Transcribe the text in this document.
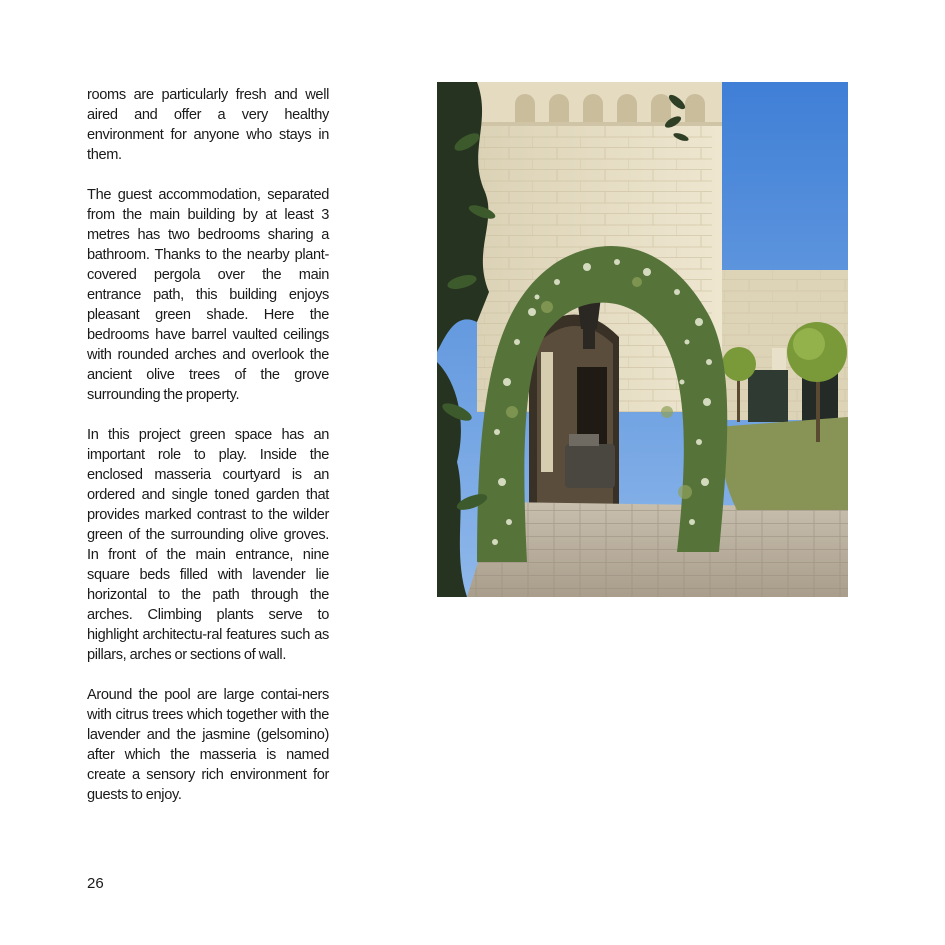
rooms are particularly fresh and well aired and offer a very healthy environment for anyone who stays in them.

The guest accommodation, separated from the main building by at least 3 metres has two bedrooms sharing a bathroom. Thanks to the nearby plant-covered pergola over the main entrance path, this building enjoys pleasant green shade. Here the bedrooms have barrel vaulted ceilings with rounded arches and overlook the ancient olive trees of the grove surrounding the property.

In this project green space has an important role to play. Inside the enclosed masseria courtyard is an ordered and single toned garden that provides marked contrast to the wilder green of the surrounding olive groves. In front of the main entrance, nine square beds filled with lavender lie horizontal to the path through the arches. Climbing plants serve to highlight architectu-ral features such as pillars, arches or sections of wall.

Around the pool are large contai-ners with citrus trees which together with the lavender and the jasmine (gelsomino) after which the masseria is named create a sensory rich environment for guests to enjoy.

26
